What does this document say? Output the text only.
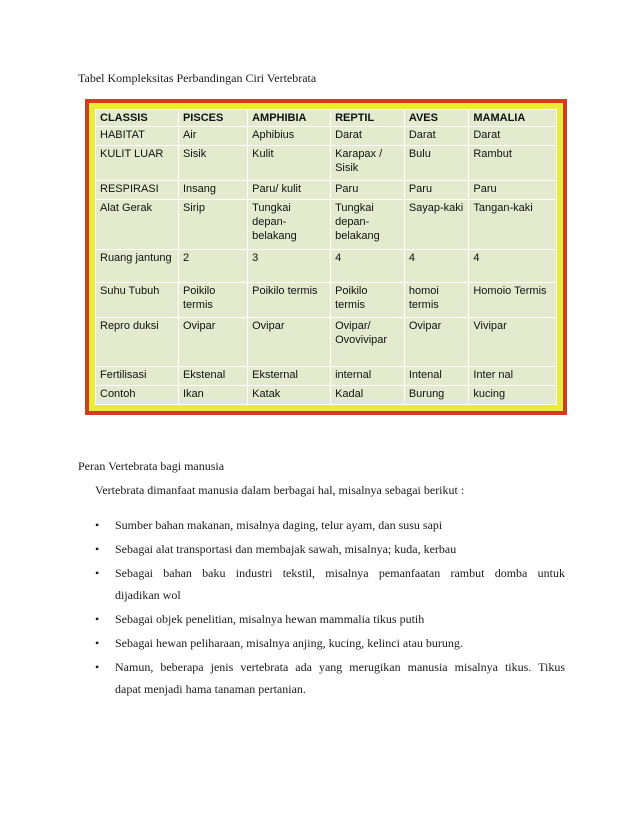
Tabel Kompleksitas Perbandingan Ciri Vertebrata
CLASSIS	PISCES	AMPHIBIA	REPTIL	AVES	MAMALIA
HABITAT	Air	Aphibius	Darat	Darat	Darat
KULIT LUAR	Sisik	Kulit	Karapax / Sisik	Bulu	Rambut
RESPIRASI	Insang	Paru/ kulit	Paru	Paru	Paru
Alat Gerak	Sirip	Tungkai depan-belakang	Tungkai depan-belakang	Sayap-kaki	Tangan-kaki
Ruang jantung	2	3	4	4	4
Suhu Tubuh	Poikilo termis	Poikilo termis	Poikilo termis	homoi termis	Homoio Termis
Repro duksi	Ovipar	Ovipar	Ovipar/ Ovovivipar	Ovipar	Vivipar
Fertilisasi	Ekstenal	Eksternal	internal	Intenal	Inter nal
Contoh	Ikan	Katak	Kadal	Burung	kucing
Peran Vertebrata bagi manusia
Vertebrata dimanfaat manusia dalam berbagai hal, misalnya sebagai berikut :
• Sumber bahan makanan, misalnya daging, telur ayam, dan susu sapi
• Sebagai alat transportasi dan membajak sawah, misalnya; kuda, kerbau
• Sebagai bahan baku industri tekstil, misalnya pemanfaatan rambut domba untuk
dijadikan wol
• Sebagai objek penelitian, misalnya hewan mammalia tikus putih
• Sebagai hewan peliharaan, misalnya anjing, kucing, kelinci atau burung.
• Namun, beberapa jenis vertebrata ada yang merugikan manusia misalnya tikus. Tikus
dapat menjadi hama tanaman pertanian.
